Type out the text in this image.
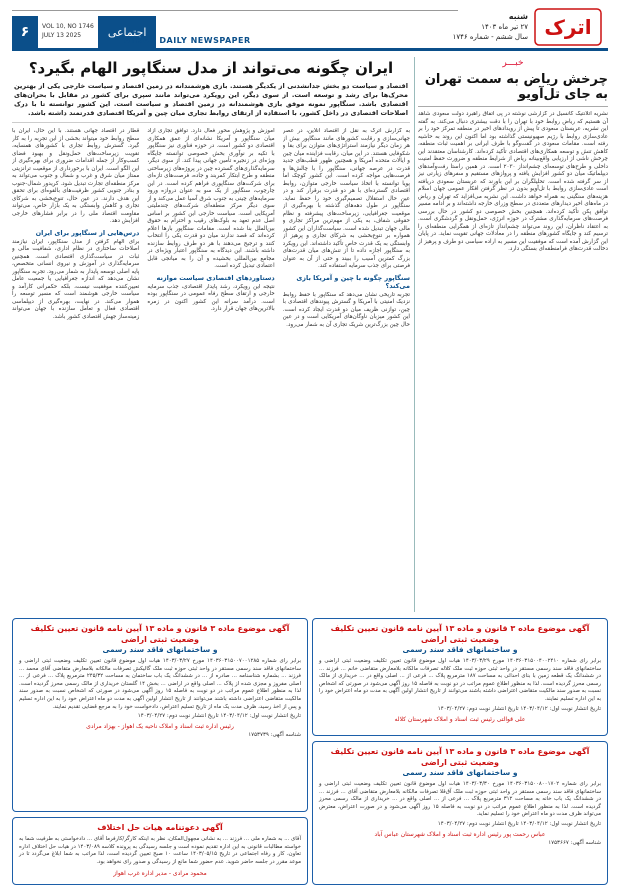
اترک
شنبه
۲۷ تیر ماه ۱۴۰۳
سال ششم - شماره ۱۷۴۶
۶	VOL 10, NO 1746
JULY 13 2025	اجتماعی
ATRAK DAILY NEWSPAPER
خبـــر
چرخش ریاض به سمت تهران به جای تل‌آویو
نشریه آتلانتیک کانسیل در گزارشی نوشته در پی اتفاق راهبرد دولت سعودی شاهد آن هستیم که ریاض روابط خود با تهران را با دقت بیشتری دنبال می‌کند. به گفته این نشریه، عربستان سعودی تا پیش از رویدادهای اخیر در منطقه تمرکز خود را بر عادی‌سازی روابط با رژیم صهیونیستی گذاشته بود اما اکنون این روند به حاشیه رفته است. مقامات سعودی در گفت‌وگو با طرف ایرانی بر اهمیت ثبات منطقه، کاهش تنش و توسعه همکاری‌های اقتصادی تأکید کرده‌اند. کارشناسان معتقدند این چرخش ناشی از ارزیابی واقع‌بینانه ریاض از شرایط منطقه و ضرورت حفظ امنیت داخلی و طرح‌های توسعه‌ای چشم‌انداز ۲۰۳۰ است. در همین راستا رفت‌وآمدهای دیپلماتیک میان دو کشور افزایش یافته و پروازهای مستقیم و سفرهای زیارتی نیز از سر گرفته شده است. تحلیلگران بر این باورند که عربستان سعودی دریافته است عادی‌سازی روابط با تل‌آویو بدون در نظر گرفتن افکار عمومی جهان اسلام هزینه‌های سنگینی به همراه خواهد داشت. این نشریه می‌افزاید که تهران و ریاض در ماه‌های اخیر دیدارهای متعددی در سطح وزرای خارجه داشته‌اند و بر ادامه مسیر توافق پکن تأکید کرده‌اند. همچنین بخش خصوصی دو کشور در حال بررسی فرصت‌های سرمایه‌گذاری مشترک در حوزه انرژی، حمل‌ونقل و گردشگری است. به اعتقاد ناظران، این روند می‌تواند چشم‌انداز تازه‌ای از همگرایی منطقه‌ای را ترسیم کند و جایگاه کشورهای منطقه را در معادلات جهانی تقویت نماید. در پایان این گزارش آمده است که موفقیت این مسیر به اراده سیاسی دو طرف و پرهیز از دخالت قدرت‌های فرامنطقه‌ای بستگی دارد.
ایران چگونه می‌تواند از مدل سنگاپور الهام بگیرد؟
اقتصاد و سیاست دو بخش جدانشدنی از یکدیگر هستند. بازی هوشمندانه در زمین اقتصاد و سیاست خارجی یکی از بهترین محرک‌ها برای رشد و توسعه است. از سوی دیگر، این رویکرد می‌تواند مانند سپری برای کشور در مقابل با بحران‌های اقتصادی باشد. سنگاپور نمونه موفق بازی هوشمندانه در زمین اقتصاد و سیاست است. این کشور توانسته تا با درک اصلاحات اقتصادی در داخل کشور، با استفاده از ارتقای روابط تجاری میان چین و آمریکا اقتصادی قدرتمند داشته باشد.
به گزارش اترک به نقل از اقتصاد آنلاین، در عصر جهانی‌سازی و رقابت کشورهای مانند سنگاپور بیش از هر زمان دیگر نیازمند استراتژی‌های متوازن برای بقا و شکوفایی هستند. در این میان، رقابت فزاینده میان چین و ایالات متحده آمریکا و همچنین ظهور قطب‌های جدید قدرت در عرصه جهانی، سنگاپور را با چالش‌ها و فرصت‌هایی مواجه کرده است. این کشور کوچک اما پویا توانسته با اتخاذ سیاست خارجی متوازن، روابط اقتصادی گسترده‌ای با هر دو قدرت برقرار کند و در عین حال استقلال تصمیم‌گیری خود را حفظ نماید. سنگاپور در طول دهه‌های گذشته با بهره‌گیری از موقعیت جغرافیایی، زیرساخت‌های پیشرفته و نظام حقوقی شفاف، به یکی از مهم‌ترین مراکز تجاری و مالی جهان تبدیل شده است. سیاست‌گذاران این کشور همواره بر تنوع‌بخشی به شرکای تجاری و پرهیز از وابستگی به یک قدرت خاص تأکید داشته‌اند. این رویکرد به سنگاپور اجازه داده تا از تنش‌های میان قدرت‌های بزرگ کمترین آسیب را ببیند و حتی از آن به عنوان فرصتی برای جذب سرمایه استفاده کند.
سنگاپور چگونه با چین و آمریکا بازی می‌کند؟
تجربه تاریخی نشان می‌دهد که سنگاپور با حفظ روابط نزدیک امنیتی با آمریکا و گسترش پیوندهای اقتصادی با چین، توازنی ظریف میان دو قدرت ایجاد کرده است. این کشور میزبان ناوگان‌های آمریکایی است و در عین حال چین بزرگ‌ترین شریک تجاری آن به شمار می‌رود.
آموزش و پژوهش محور فعال دارد. توافق تجاری آزاد میان سنگاپور و آمریکا نشانه‌ای از عمق همکاری اقتصادی دو کشور است. در حوزه فناوری نیز سنگاپور با تکیه بر نوآوری بخش خصوصی توانسته جایگاه ویژه‌ای در زنجیره تأمین جهانی پیدا کند. از سوی دیگر، سرمایه‌گذاری‌های گسترده چین در پروژه‌های زیرساختی منطقه و طرح ابتکار کمربند و جاده، فرصت‌های تازه‌ای برای شرکت‌های سنگاپوری فراهم کرده است. در این چارچوب، سنگاپور از یک سو به عنوان دروازه ورود سرمایه‌های چینی به جنوب شرق آسیا عمل می‌کند و از سوی دیگر مرکز منطقه‌ای شرکت‌های چندملیتی آمریکایی است. سیاست خارجی این کشور بر اساس اصل عدم تعهد به بلوک‌های رقیب و احترام به حقوق بین‌الملل بنا شده است. مقامات سنگاپور بارها اعلام کرده‌اند که قصد ندارند میان دو قدرت یکی را انتخاب کنند و ترجیح می‌دهند با هر دو طرف روابط سازنده داشته باشند. این دیدگاه به سنگاپور اعتبار ویژه‌ای در مجامع بین‌المللی بخشیده و آن را به میانجی قابل اعتمادی تبدیل کرده است.
دستاوردهای اقتصادی سیاست موازنه
نتیجه این رویکرد، رشد پایدار اقتصادی، جذب سرمایه خارجی و ارتقای سطح رفاه عمومی در سنگاپور بوده است. درآمد سرانه این کشور اکنون در زمره بالاترین‌های جهان قرار دارد.
قطار در اقتصاد جهانی هستند. با این حال، ایران با سطح روابط خود میتواند بخشی از این تجربه را به کار گیرد. گسترش روابط تجاری با کشورهای همسایه، تقویت زیرساخت‌های حمل‌ونقل و بهبود فضای کسب‌وکار از جمله اقدامات ضروری برای بهره‌گیری از این الگو است. ایران با برخورداری از موقعیت ترانزیتی ممتاز میان شرق و غرب و شمال و جنوب می‌تواند به مرکز منطقه‌ای تجارت تبدیل شود. کریدور شمال-جنوب و بنادر جنوبی کشور ظرفیت‌های بالقوه‌ای برای تحقق این هدف دارند. در عین حال، تنوع‌بخشی به شرکای تجاری و کاهش وابستگی به یک بازار خاص، می‌تواند مقاومت اقتصاد ملی را در برابر فشارهای خارجی افزایش دهد.
درس‌هایی از سنگاپور برای ایران
برای الهام گرفتن از مدل سنگاپور، ایران نیازمند اصلاحات ساختاری در نظام اداری، شفافیت مالی و ثبات در سیاست‌گذاری اقتصادی است. همچنین سرمایه‌گذاری در آموزش و نیروی انسانی متخصص، پایه اصلی توسعه پایدار به شمار می‌رود. تجربه سنگاپور نشان می‌دهد که اندازه جغرافیایی یا جمعیت عامل تعیین‌کننده موفقیت نیست، بلکه حکمرانی کارآمد و سیاست خارجی هوشمند است که مسیر توسعه را هموار می‌کند. در نهایت، بهره‌گیری از دیپلماسی اقتصادی فعال و تعامل سازنده با جهان می‌تواند زمینه‌ساز جهش اقتصادی کشور باشد.
آگهی موضوع ماده ۳ قانون و ماده ۱۳ آیین نامه قانون تعیین تکلیف وضعیت ثبتی اراضی
و ساختمانهای فاقد سند رسمی
برابر رای شماره ۱۴۰۳۶۰۳۱۵۰۰۷۰۰۱۲۸۵ مورخ ۱۴۰۳/۰۳/۲۷ هیات اول موضوع قانون تعیین تکلیف وضعیت ثبتی اراضی و ساختمانهای فاقد سند رسمی مستقر در واحد ثبتی حوزه ثبت ملک گالیکش تصرفات مالکانه بلامعارض متقاضی آقای محمد ... فرزند ... بشماره شناسنامه ... صادره از ... در ششدانگ یک باب ساختمان به مساحت ۲۴۵/۳۲ مترمربع پلاک ... فرعی از ... اصلی مفروز و مجزی شده از پلاک ... اصلی واقع در اراضی ... بخش ۱۴ گلستان خریداری از مالک رسمی محرز گردیده است. لذا به منظور اطلاع عموم مراتب در دو نوبت به فاصله ۱۵ روز آگهی می‌شود در صورتی که اشخاص نسبت به صدور سند مالکیت متقاضی اعتراضی داشته باشند می‌توانند از تاریخ انتشار اولین آگهی به مدت دو ماه اعتراض خود را به این اداره تسلیم و پس از اخذ رسید، ظرف مدت یک ماه از تاریخ تسلیم اعتراض، دادخواست خود را به مرجع قضایی تقدیم نمایند.
تاریخ انتشار نوبت اول: ۱۴۰۳/۰۴/۱۲ تاریخ انتشار نوبت دوم: ۱۴۰۳/۰۴/۲۷
رئیس اداره ثبت اسناد و املاک ناحیه یک اهواز - بهزاد مرادی
شناسه آگهی: ۱۷۵۳۷۳۹
آگهی موضوع ماده ۳ قانون و ماده ۱۳ آیین نامه قانون تعیین تکلیف وضعیت ثبتی اراضی
و ساختمانهای فاقد سند رسمی
برابر رای شماره ۱۴۰۳۶۰۳۱۵۰۰۴۰۰۲۴۱۰ مورخ ۱۴۰۳/۰۳/۲۹ هیات اول موضوع قانون تعیین تکلیف وضعیت ثبتی اراضی و ساختمانهای فاقد سند رسمی مستقر در واحد ثبتی حوزه ثبت ملک کلاله تصرفات مالکانه بلامعارض متقاضی خانم ... فرزند ... در ششدانگ یک قطعه زمین با بنای احداثی به مساحت ۱۸۷ مترمربع پلاک ... فرعی از ... اصلی واقع در ... خریداری از مالک رسمی محرز گردیده است. لذا به منظور اطلاع عموم مراتب در دو نوبت به فاصله ۱۵ روز آگهی می‌شود در صورتی که اشخاص نسبت به صدور سند مالکیت متقاضی اعتراضی داشته باشند می‌توانند از تاریخ انتشار اولین آگهی به مدت دو ماه اعتراض خود را به این اداره تسلیم نمایند.
تاریخ انتشار نوبت اول: ۱۴۰۳/۰۴/۱۲ تاریخ انتشار نوبت دوم: ۱۴۰۳/۰۴/۲۷
علی قوالتی رئیس ثبت اسناد و املاک شهرستان کلاله
آگهی موضوع ماده ۳ قانون و ماده ۱۳ آیین نامه قانون تعیین تکلیف وضعیت ثبتی اراضی
و ساختمانهای فاقد سند رسمی
برابر رای شماره ۱۴۰۳۶۰۳۱۵۰۰۸۰۰۱۷۰۲ مورخ ۱۴۰۳/۰۳/۳۰ هیات اول موضوع قانون تعیین تکلیف وضعیت ثبتی اراضی و ساختمانهای فاقد سند رسمی مستقر در واحد ثبتی حوزه ثبت ملک آق‌قلا تصرفات مالکانه بلامعارض متقاضی آقای ... فرزند ... در ششدانگ یک باب خانه به مساحت ۳۱۲ مترمربع پلاک ... فرعی از ... اصلی واقع در ... خریداری از مالک رسمی محرز گردیده است. لذا به منظور اطلاع عموم مراتب در دو نوبت به فاصله ۱۵ روز آگهی می‌شود و در صورت اعتراض، معترض می‌تواند ظرف مدت دو ماه اعتراض خود را تسلیم نماید.
تاریخ انتشار نوبت اول: ۱۴۰۳/۰۴/۱۲ تاریخ انتشار نوبت دوم: ۱۴۰۳/۰۴/۲۷
عباس رحمت پور رئیس اداره ثبت اسناد و املاک شهرستان عباس آباد
شناسه آگهی: ۱۷۵۳۶۶۷
آگهی دعوتنامه هیات حل اختلاف
آقای ... به شماره ملی ... فرزند ... به نشانی مجهول‌المکان، نظر به اینکه کارگر/کارفرما آقای ... دادخواستی به طرفیت شما به خواسته مطالبات قانونی به این اداره تقدیم نموده است و جلسه رسیدگی به پرونده کلاسه ۱۴۰۳/۰۸۹ در هیات حل اختلاف اداره تعاون، کار و رفاه اجتماعی در تاریخ ۱۴۰۳/۰۵/۱۵ ساعت ۱۰ صبح تعیین گردیده است، لذا مراتب به شما ابلاغ می‌گردد تا در موعد مقرر در جلسه حاضر شوید. عدم حضور شما مانع از رسیدگی و صدور رای نخواهد بود.
محمود مرادی - مدیر اداره غرب اهواز
